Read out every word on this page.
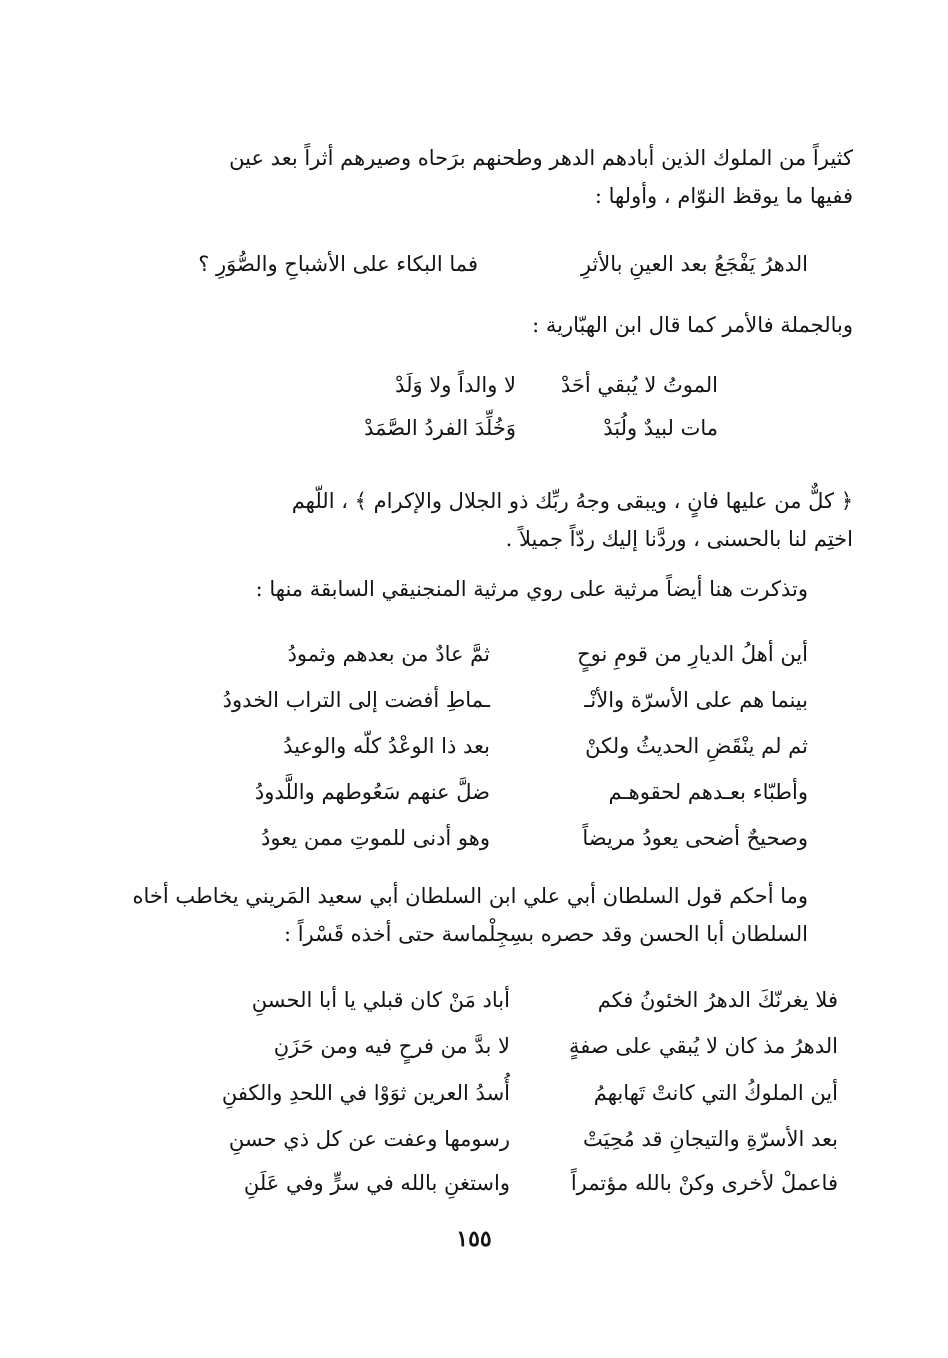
كثيراً من الملوك الذين أبادهم الدهر وطحنهم برَحاه وصيرهم أثراً بعد عين
ففيها ما يوقظ النوّام ، وأولها :

الدهرُ يَفْجَعُ بعد العينِ بالأثرِ
فما البكاء على الأشباحِ والصُّوَرِ ؟

وبالجملة فالأمر كما قال ابن الهبّارية :

الموتُ لا يُبقي أحَدْ
لا والداً ولا وَلَدْ
مات لبيدٌ ولُبَدْ
وَخُلِّدَ الفردُ الصَّمَدْ

﴿ كلٌّ من عليها فانٍ ، ويبقى وجهُ ربِّك ذو الجلال والإكرام ﴾ ، اللّهم
اختِم لنا بالحسنى ، وردَّنا إليك ردّاً جميلاً .

وتذكرت هنا أيضاً مرثية على روي مرثية المنجنيقي السابقة منها :

أين أهلُ الديارِ من قومِ نوحٍ
ثمَّ عادٌ من بعدهم وثمودُ
بينما هم على الأسرّة والأنْـ
ـماطِ أفضت إلى التراب الخدودُ
ثم لم ينْقَضِ الحديثُ ولكنْ
بعد ذا الوعْدُ كلّه والوعيدُ
وأطبّاء بعـدهم لحقوهـم
ضلَّ عنهم سَعُوطهم واللَّدودُ
وصحيحٌ أضحى يعودُ مريضاً
وهو أدنى للموتِ ممن يعودُ

وما أحكم قول السلطان أبي علي ابن السلطان أبي سعيد المَريني يخاطب أخاه
السلطان أبا الحسن وقد حصره بسِجِلْماسة حتى أخذه قَسْراً :

فلا يغرنّكَ الدهرُ الخئونُ فكم
أباد مَنْ كان قبلي يا أبا الحسنِ
الدهرُ مذ كان لا يُبقي على صفةٍ
لا بدَّ من فرحٍ فيه ومن حَزَنِ
أين الملوكُ التي كانتْ تَهابهمُ
أُسدُ العرين ثوَوْا في اللحدِ والكفنِ
بعد الأسرّةِ والتيجانِ قد مُحِيَتْ
رسومها وعفت عن كل ذي حسنِ
فاعملْ لأخرى وكنْ بالله مؤتمراً
واستغنِ بالله في سرٍّ وفي عَلَنِ
١٥٥
